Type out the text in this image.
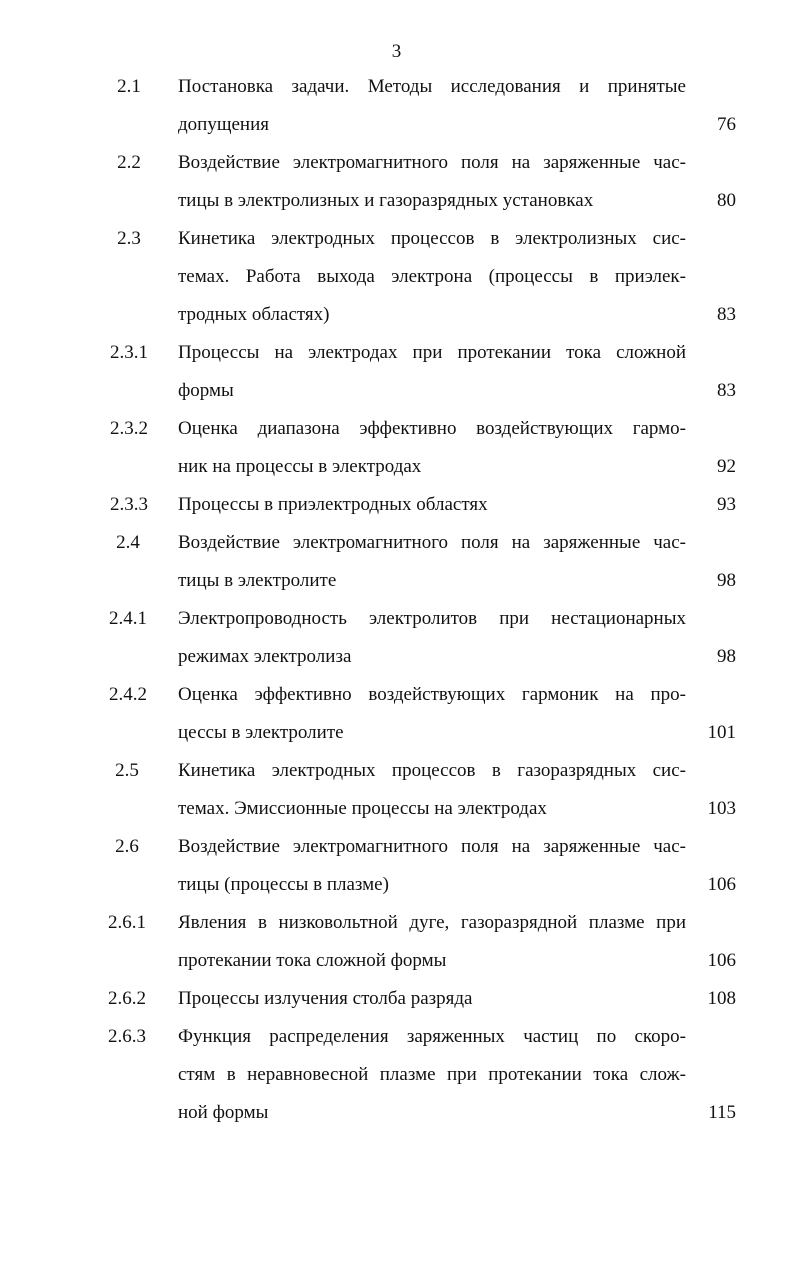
3
2.1	Постановка задачи. Методы исследования и принятые
допущения	76
2.2	Воздействие электромагнитного поля на заряженные час-
тицы в электролизных и газоразрядных установках	80
2.3	Кинетика электродных процессов в электролизных сис-
темах. Работа выхода электрона (процессы в приэлек-
тродных областях)	83
2.3.1	Процессы на электродах при протекании тока сложной
формы	83
2.3.2	Оценка диапазона эффективно воздействующих гармо-
ник на процессы в электродах	92
2.3.3	Процессы в приэлектродных областях	93
2.4	Воздействие электромагнитного поля на заряженные час-
тицы в электролите	98
2.4.1	Электропроводность электролитов при нестационарных
режимах электролиза	98
2.4.2	Оценка эффективно воздействующих гармоник на про-
цессы в электролите	101
2.5	Кинетика электродных процессов в газоразрядных сис-
темах. Эмиссионные процессы на электродах	103
2.6	Воздействие электромагнитного поля на заряженные час-
тицы (процессы в плазме)	106
2.6.1	Явления в низковольтной дуге, газоразрядной плазме при
протекании тока сложной формы	106
2.6.2	Процессы излучения столба разряда	108
2.6.3	Функция распределения заряженных частиц по скоро-
стям в неравновесной плазме при протекании тока слож-
ной формы	115
